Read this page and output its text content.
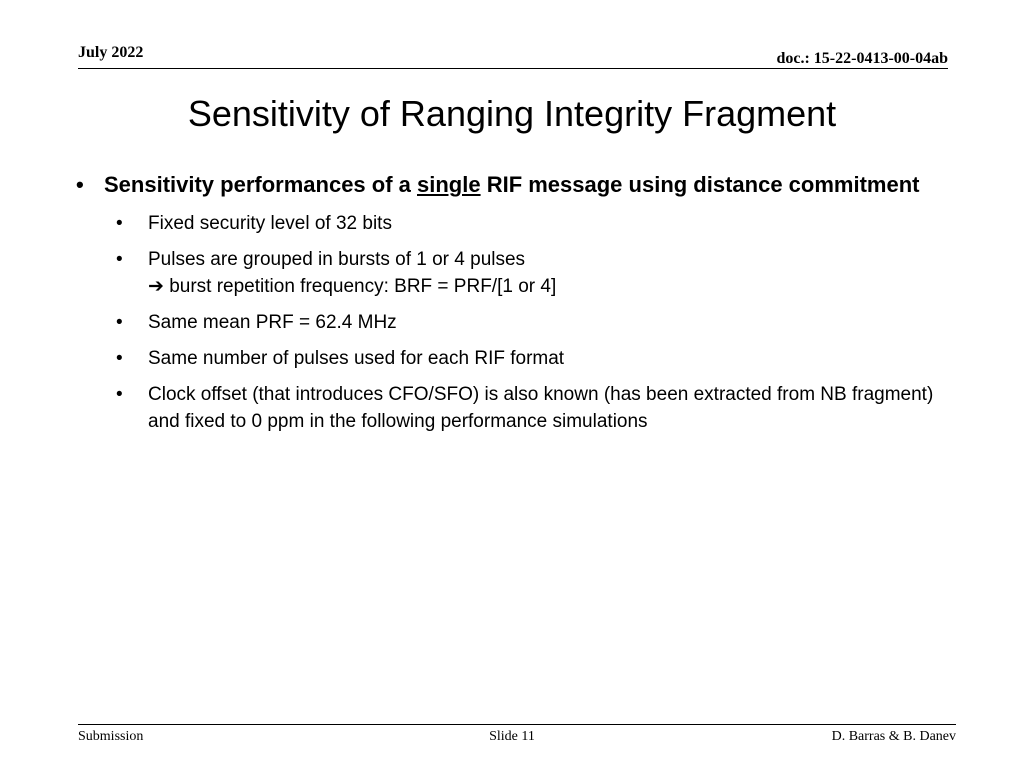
July 2022	doc.: 15-22-0413-00-04ab
Sensitivity of Ranging Integrity Fragment
• Sensitivity performances of a single RIF message using distance commitment
• Fixed security level of 32 bits
• Pulses are grouped in bursts of 1 or 4 pulses
➔ burst repetition frequency: BRF = PRF/[1 or 4]
• Same mean PRF = 62.4 MHz
• Same number of pulses used for each RIF format
• Clock offset (that introduces CFO/SFO) is also known (has been extracted from NB fragment) and fixed to 0 ppm in the following performance simulations
Submission	Slide 11	D. Barras & B. Danev
